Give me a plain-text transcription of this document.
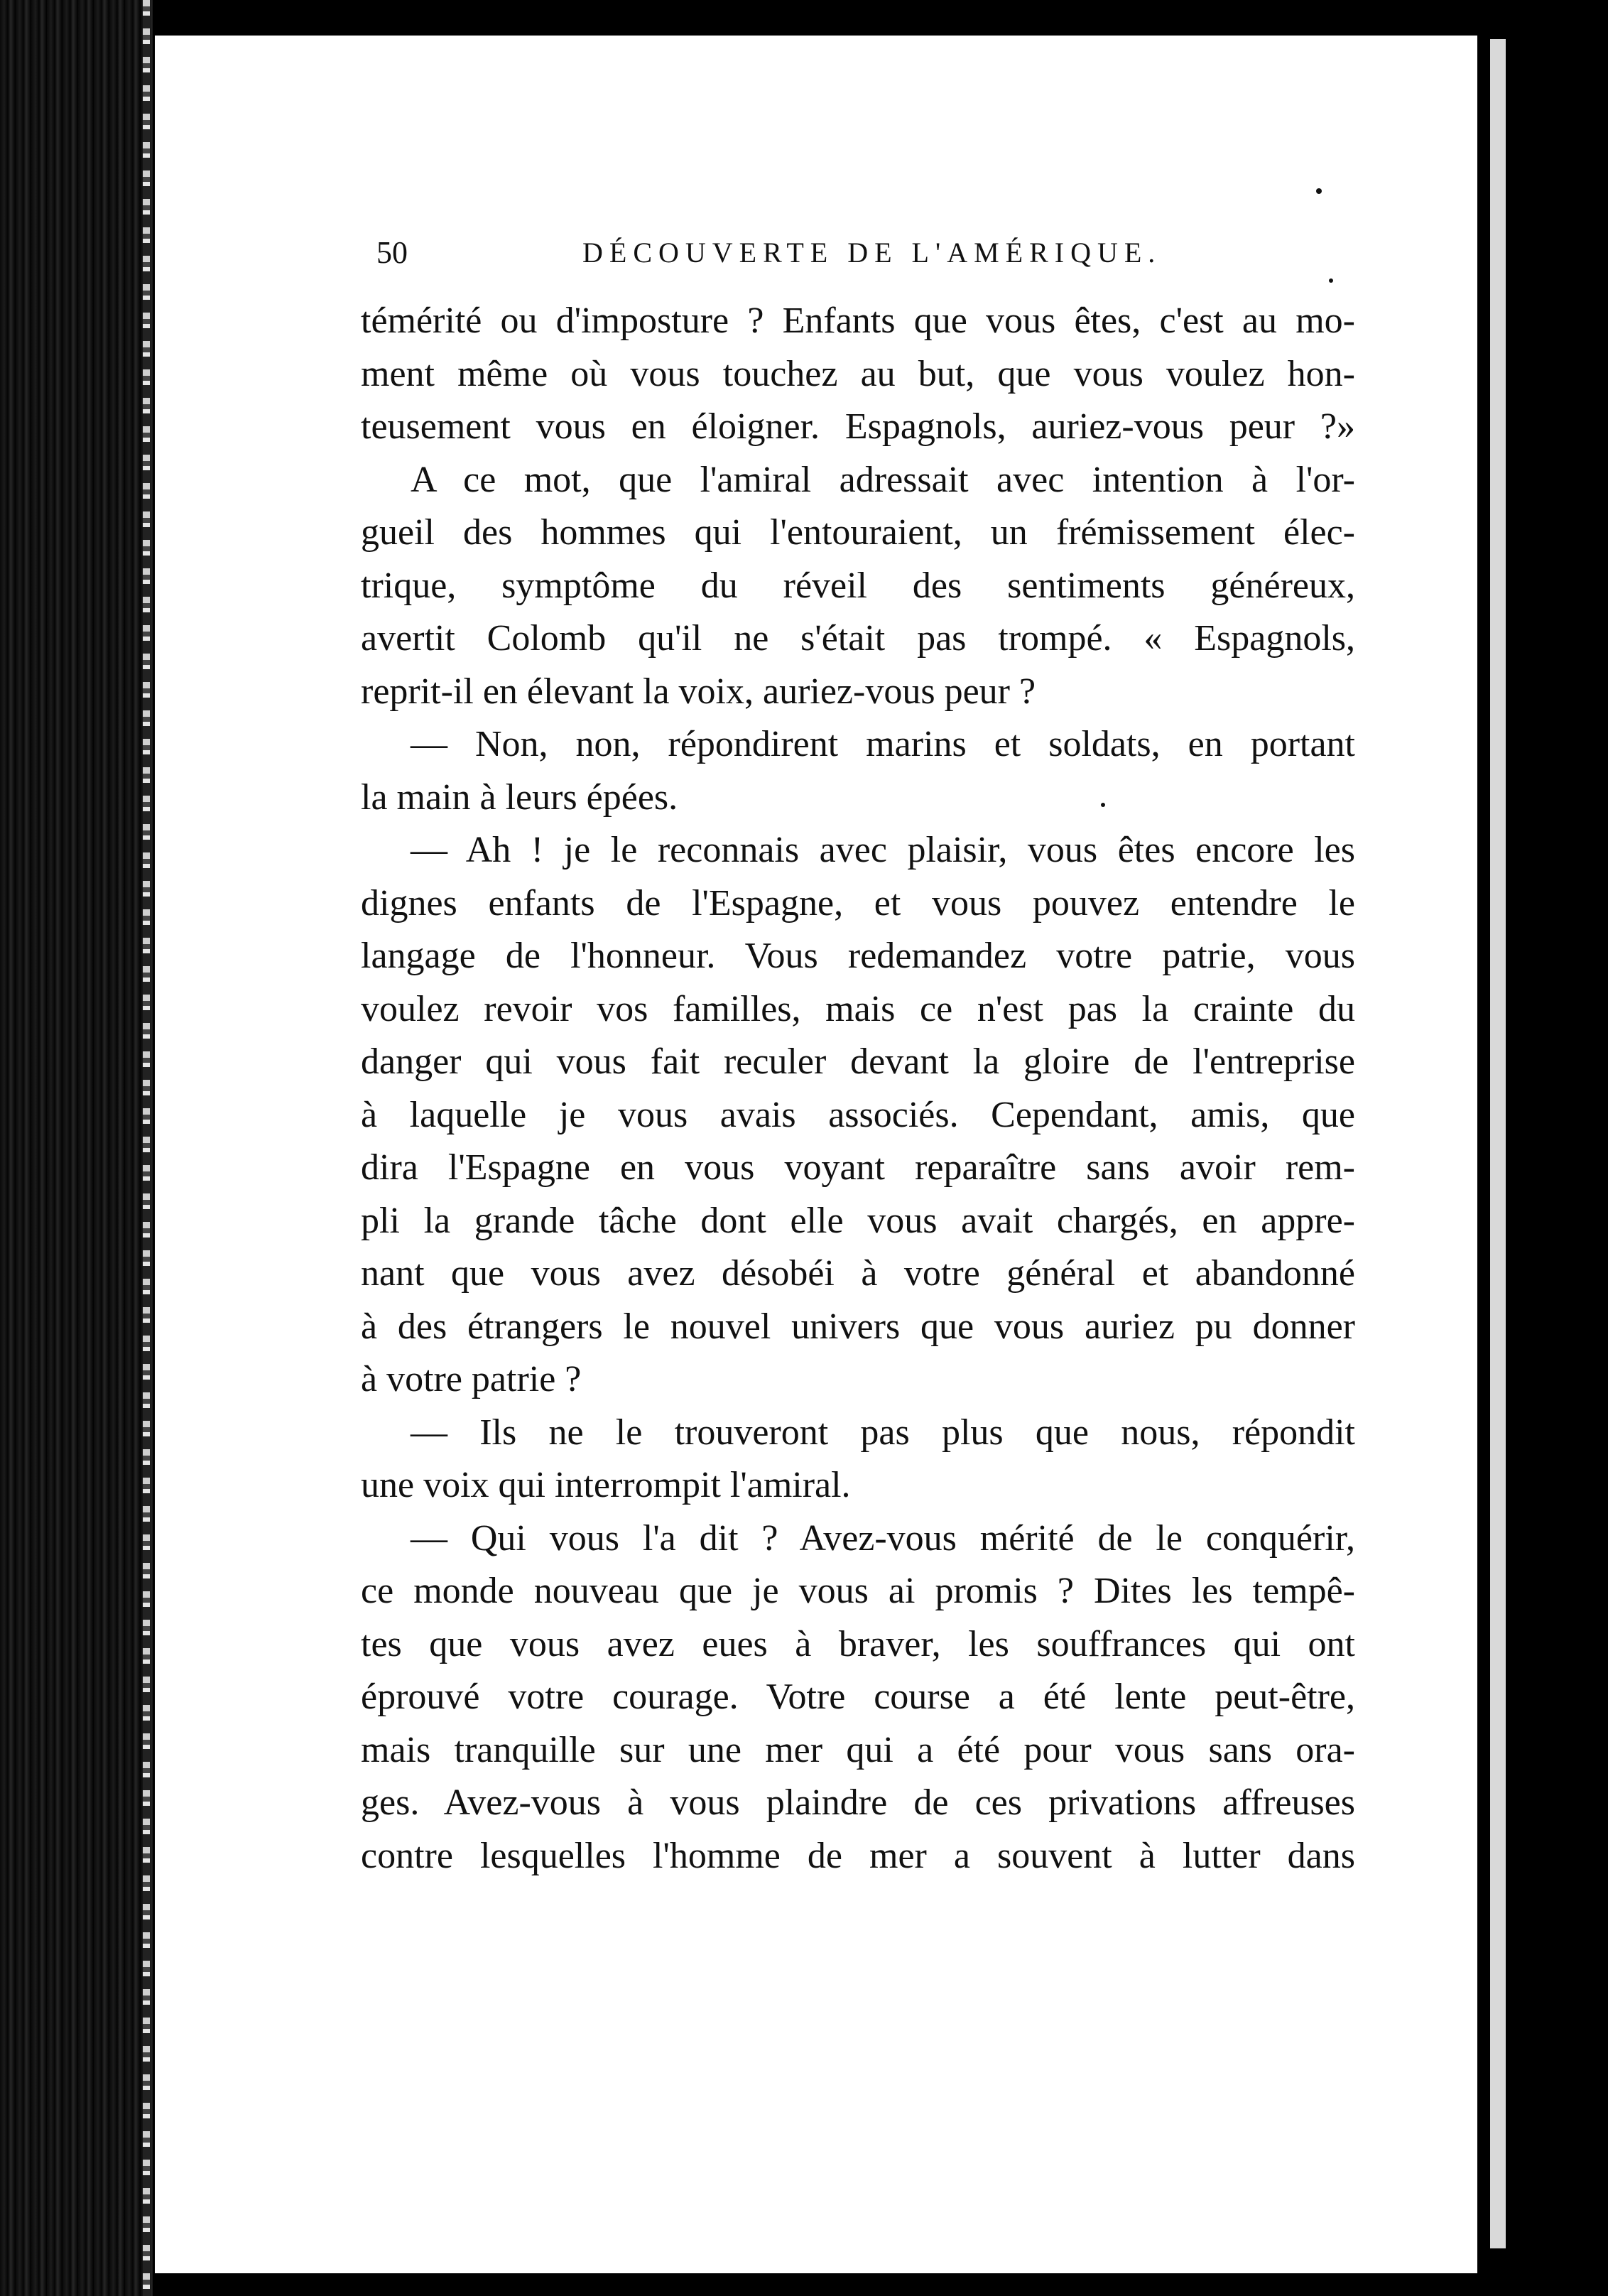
50	DÉCOUVERTE DE L'AMÉRIQUE.
témérité ou d'imposture ? Enfants que vous êtes, c'est au mo-
ment même où vous touchez au but, que vous voulez hon-
teusement vous en éloigner. Espagnols, auriez-vous peur ?»
A ce mot, que l'amiral adressait avec intention à l'or-
gueil des hommes qui l'entouraient, un frémissement élec-
trique, symptôme du réveil des sentiments généreux,
avertit Colomb qu'il ne s'était pas trompé. « Espagnols,
reprit-il en élevant la voix, auriez-vous peur ?
— Non, non, répondirent marins et soldats, en portant
la main à leurs épées.
— Ah ! je le reconnais avec plaisir, vous êtes encore les
dignes enfants de l'Espagne, et vous pouvez entendre le
langage de l'honneur. Vous redemandez votre patrie, vous
voulez revoir vos familles, mais ce n'est pas la crainte du
danger qui vous fait reculer devant la gloire de l'entreprise
à laquelle je vous avais associés. Cependant, amis, que
dira l'Espagne en vous voyant reparaître sans avoir rem-
pli la grande tâche dont elle vous avait chargés, en appre-
nant que vous avez désobéi à votre général et abandonné
à des étrangers le nouvel univers que vous auriez pu donner
à votre patrie ?
— Ils ne le trouveront pas plus que nous, répondit
une voix qui interrompit l'amiral.
— Qui vous l'a dit ? Avez-vous mérité de le conquérir,
ce monde nouveau que je vous ai promis ? Dites les tempê-
tes que vous avez eues à braver, les souffrances qui ont
éprouvé votre courage. Votre course a été lente peut-être,
mais tranquille sur une mer qui a été pour vous sans ora-
ges. Avez-vous à vous plaindre de ces privations affreuses
contre lesquelles l'homme de mer a souvent à lutter dans
